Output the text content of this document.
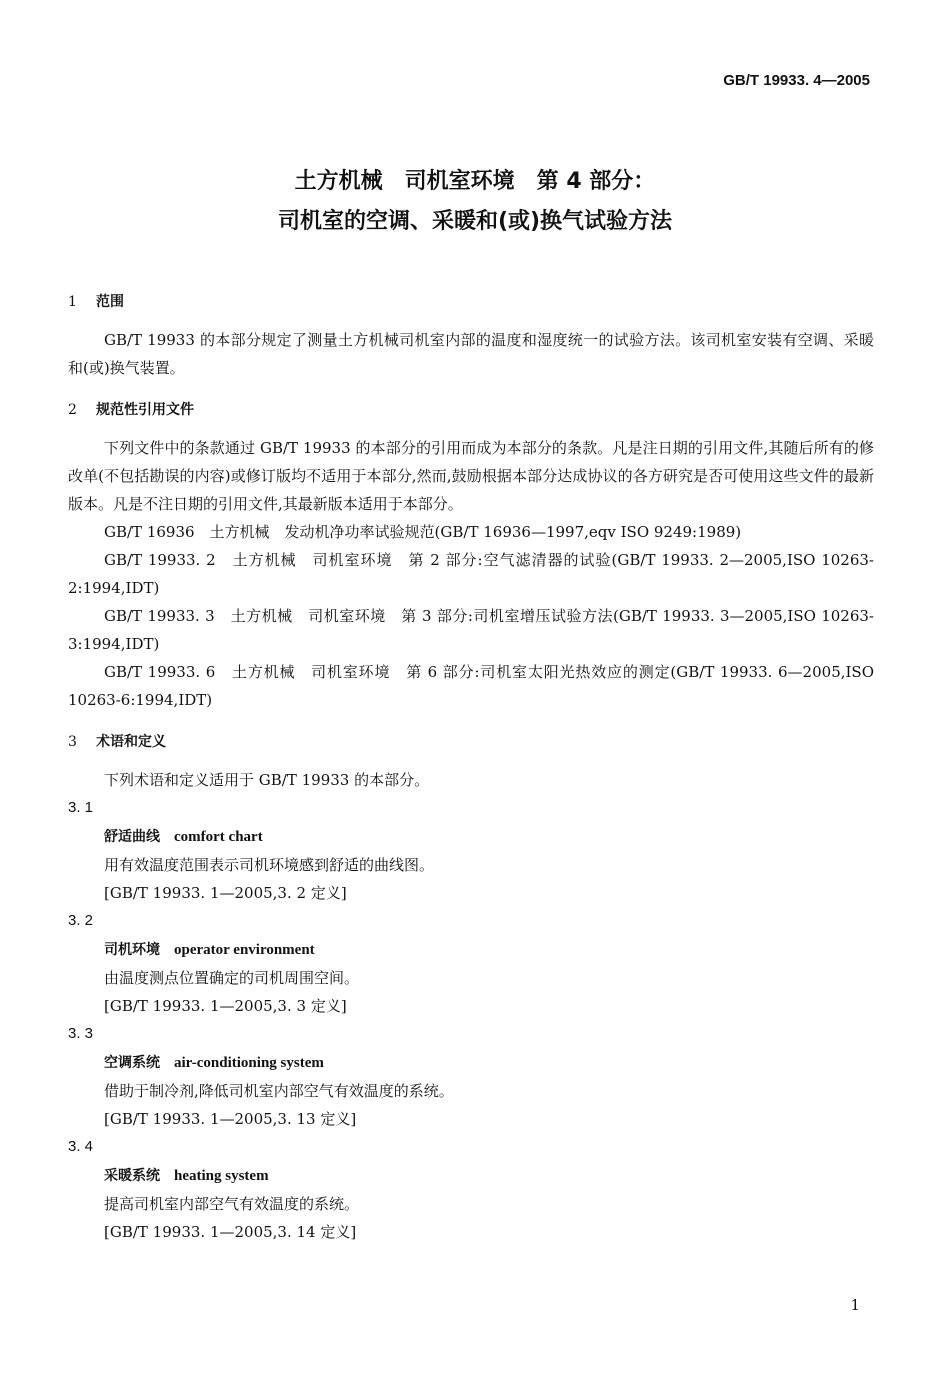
GB/T 19933. 4—2005
土方机械　司机室环境　第 4 部分：
司机室的空调、采暖和(或)换气试验方法
1 范围

GB/T 19933 的本部分规定了测量土方机械司机室内部的温度和湿度统一的试验方法。该司机室安装有空调、采暖和(或)换气装置。

2 规范性引用文件

下列文件中的条款通过 GB/T 19933 的本部分的引用而成为本部分的条款。凡是注日期的引用文件,其随后所有的修改单(不包括勘误的内容)或修订版均不适用于本部分,然而,鼓励根据本部分达成协议的各方研究是否可使用这些文件的最新版本。凡是不注日期的引用文件,其最新版本适用于本部分。

GB/T 16936　土方机械　发动机净功率试验规范(GB/T 16936—1997,eqv ISO 9249:1989)

GB/T 19933. 2　土方机械　司机室环境　第 2 部分:空气滤清器的试验(GB/T 19933. 2—2005,ISO 10263-2:1994,IDT)

GB/T 19933. 3　土方机械　司机室环境　第 3 部分:司机室增压试验方法(GB/T 19933. 3—2005,ISO 10263-3:1994,IDT)

GB/T 19933. 6　土方机械　司机室环境　第 6 部分:司机室太阳光热效应的测定(GB/T 19933. 6—2005,ISO 10263-6:1994,IDT)

3 术语和定义

下列术语和定义适用于 GB/T 19933 的本部分。

3. 1

舒适曲线 comfort chart

用有效温度范围表示司机环境感到舒适的曲线图。

[GB/T 19933. 1—2005,3. 2 定义]

3. 2

司机环境 operator environment

由温度测点位置确定的司机周围空间。

[GB/T 19933. 1—2005,3. 3 定义]

3. 3

空调系统 air-conditioning system

借助于制冷剂,降低司机室内部空气有效温度的系统。

[GB/T 19933. 1—2005,3. 13 定义]

3. 4

采暖系统 heating system

提高司机室内部空气有效温度的系统。

[GB/T 19933. 1—2005,3. 14 定义]

1
